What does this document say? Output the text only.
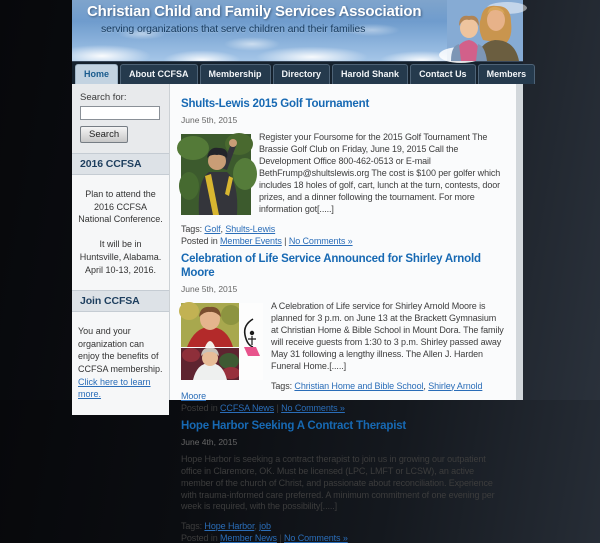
Christian Child and Family Services Association
serving organizations that serve children and their families
Home	About CCFSA	Membership	Directory	Harold Shank	Contact Us	Members
Search for:
Search
2016 CCFSA
Plan to attend the 2016 CCFSA National Conference.

It will be in Huntsville, Alabama. April 10-13, 2016.
Join CCFSA
You and your organization can enjoy the benefits of CCFSA membership. Click here to learn more.
Shults-Lewis 2015 Golf Tournament
June 5th, 2015

Register your Foursome for the 2015 Golf Tournament The Brassie Golf Club on Friday, June 19, 2015 Call the Development Office 800-462-0513 or E-mail BethFrump@shultslewis.org The cost is $100 per golfer which includes 18 holes of golf, cart, lunch at the turn, contests, door prizes, and a dinner following the tournament. For more information got[.....]

Tags: Golf, Shults-Lewis
Posted in Member Events | No Comments »
Celebration of Life Service Announced for Shirley Arnold Moore
June 5th, 2015

A Celebration of Life service for Shirley Arnold Moore is planned for 3 p.m. on June 13 at the Brackett Gymnasium at Christian Home & Bible School in Mount Dora. The family will receive guests from 1:30 to 3 p.m. Shirley passed away May 31 following a lengthy illness. The Allen J. Harden Funeral Home.[.....]

Tags: Christian Home and Bible School, Shirley Arnold Moore
Posted in CCFSA News | No Comments »
Hope Harbor Seeking A Contract Therapist
June 4th, 2015

Hope Harbor is seeking a contract therapist to join us in growing our outpatient office in Claremore, OK. Must be licensed (LPC, LMFT or LCSW), an active member of the church of Christ, and passionate about reconciliation. Experience with trauma-informed care preferred. A minimum commitment of one evening per week is required, with the possibility[.....]

Tags: Hope Harbor, job
Posted in Member News | No Comments »
